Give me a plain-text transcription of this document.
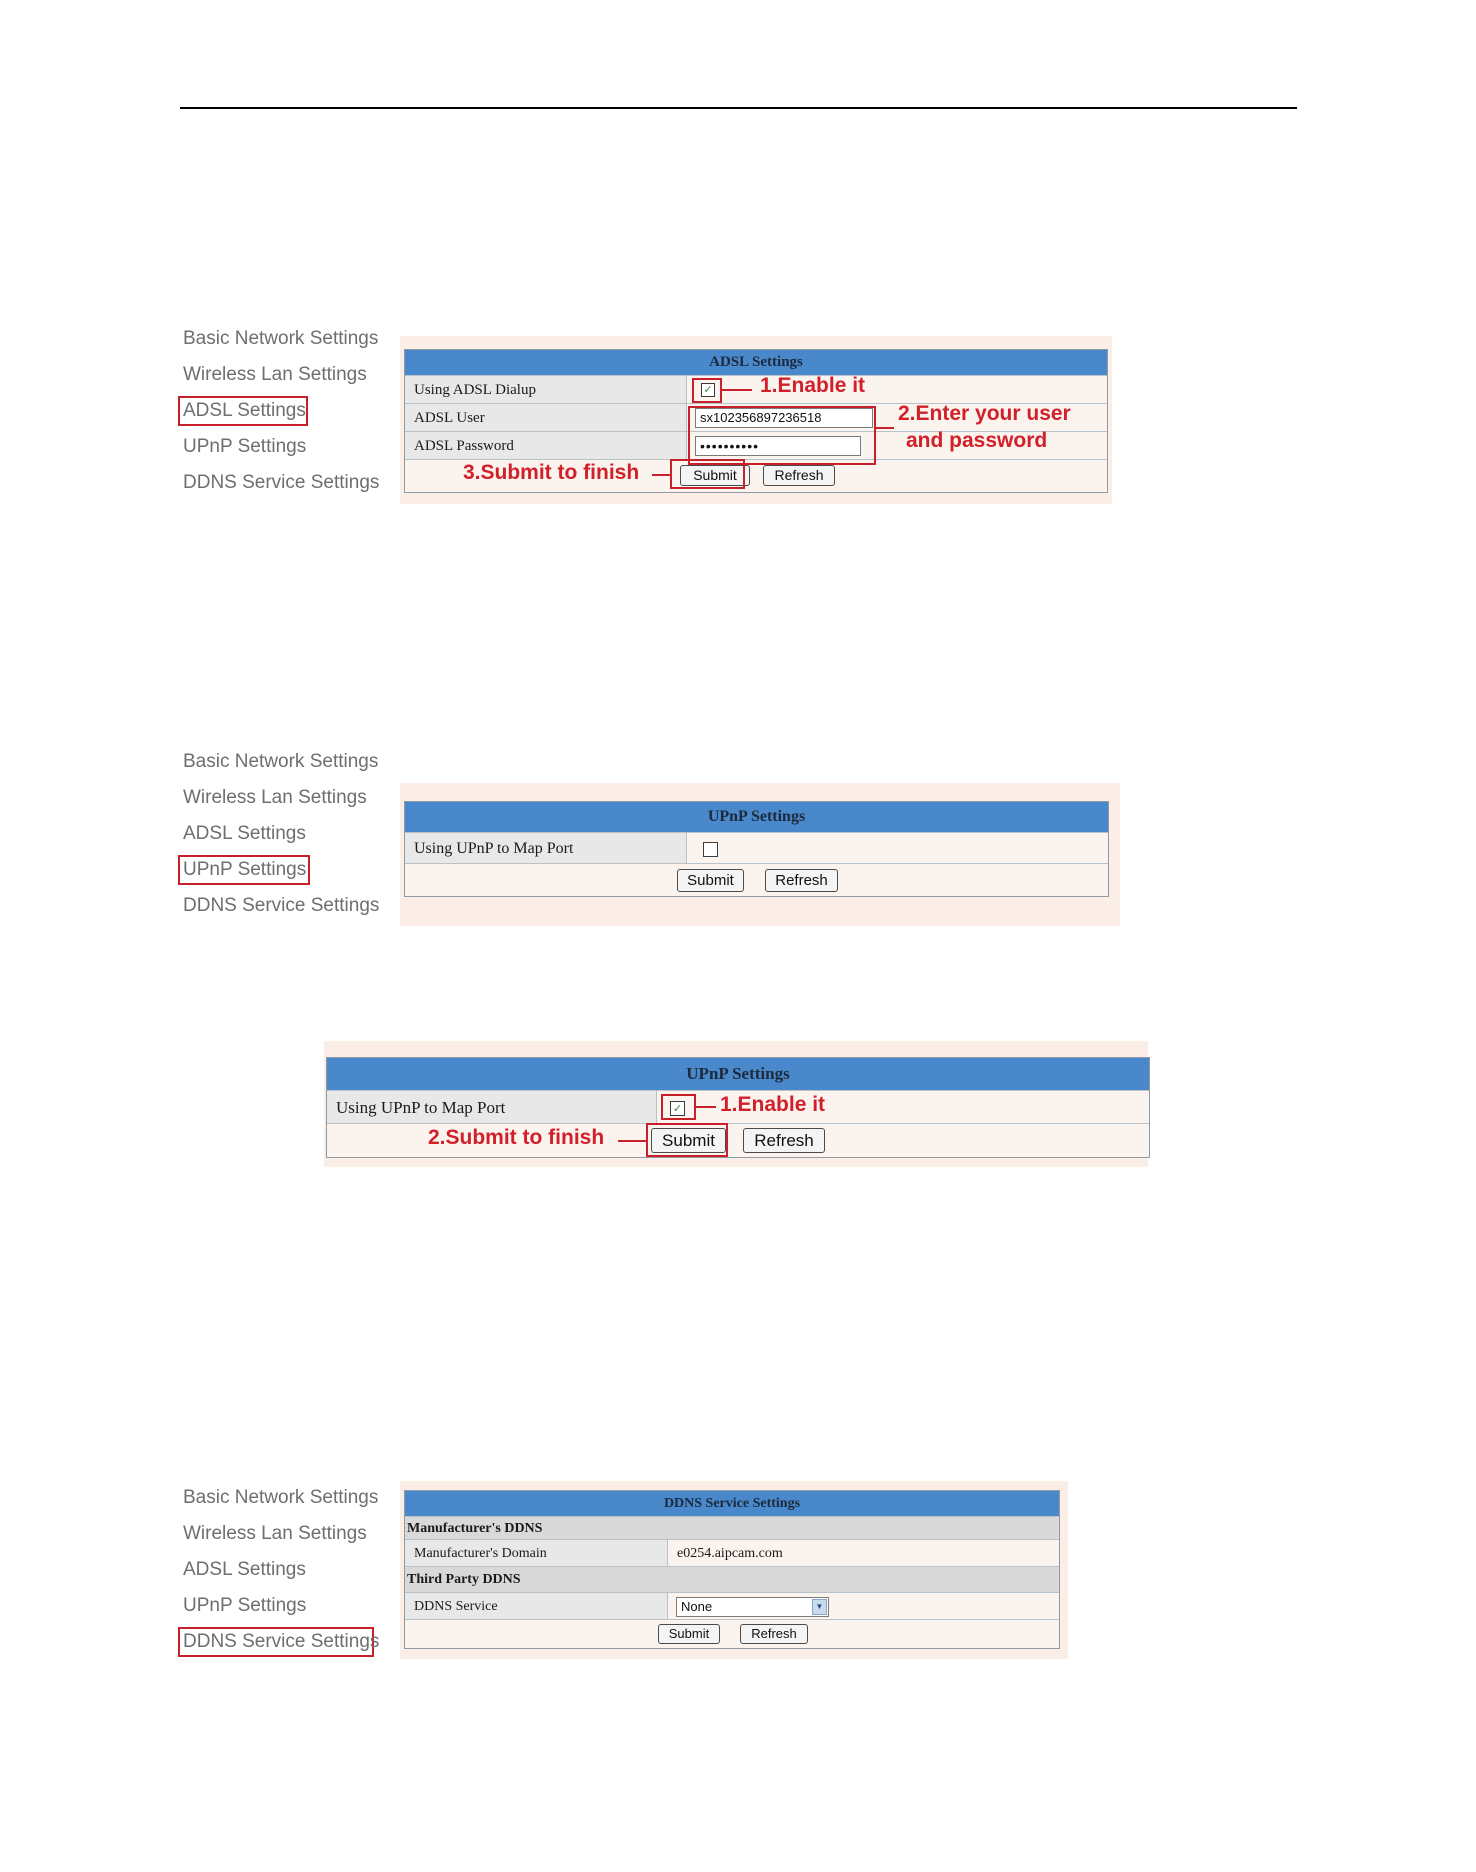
Basic Network Settings
Wireless Lan Settings
ADSL Settings
UPnP Settings
DDNS Service Settings
ADSL Settings
Using ADSL Dialup	✓
ADSL User	sx102356897236518
ADSL Password	••••••••••
Submit	Refresh
1.Enable it
2.Enter your user
and password
3.Submit to finish
Basic Network Settings
Wireless Lan Settings
ADSL Settings
UPnP Settings
DDNS Service Settings
UPnP Settings
Using UPnP to Map Port
Submit	Refresh
UPnP Settings
Using UPnP to Map Port	✓
Submit	Refresh
1.Enable it
2.Submit to finish
Basic Network Settings
Wireless Lan Settings
ADSL Settings
UPnP Settings
DDNS Service Settings
DDNS Service Settings
Manufacturer's DDNS
Manufacturer's Domain	e0254.aipcam.com
Third Party DDNS
DDNS Service	None	▼
Submit	Refresh
